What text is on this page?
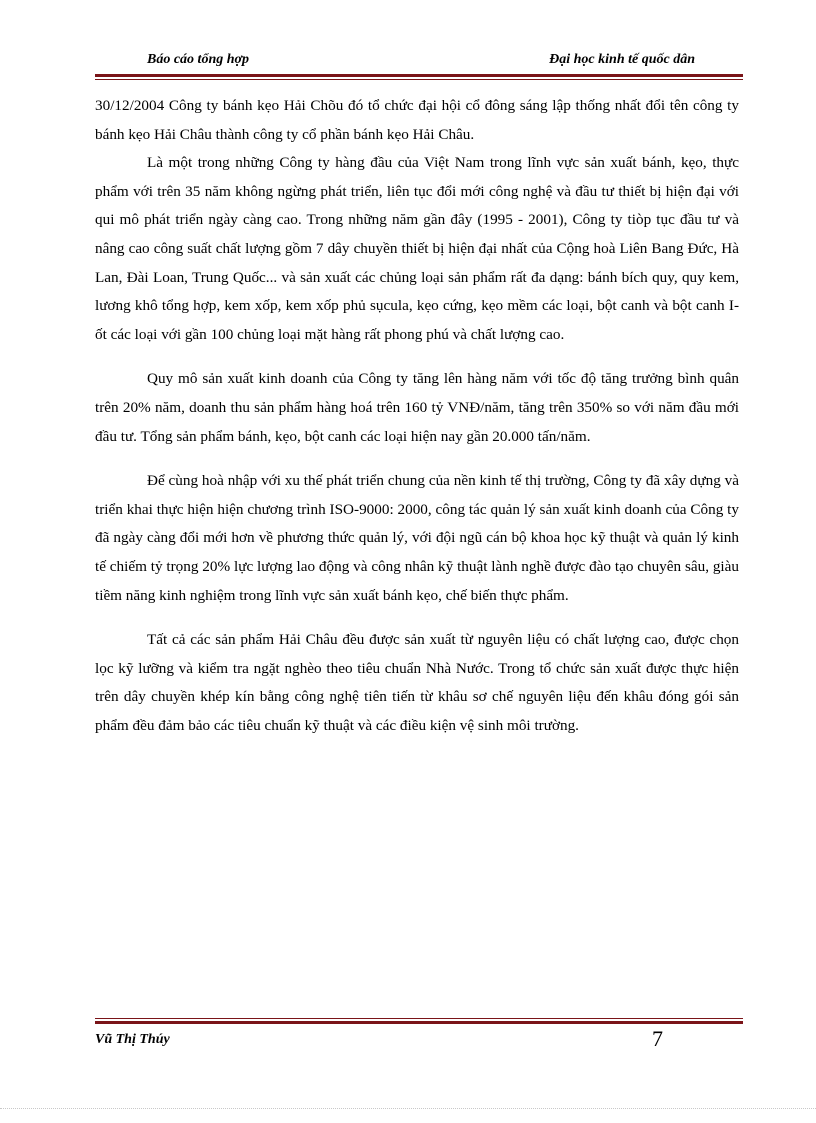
Báo cáo tổng hợp	Đại học kinh tế quốc dân

30/12/2004 Công ty bánh kẹo Hải Chõu đó tổ chức đại hội cổ đông sáng lập thống nhất đổi tên công ty bánh kẹo Hải Châu thành công ty cổ phần bánh kẹo Hải Châu.

Là một trong những Công ty hàng đầu của Việt Nam trong lĩnh vực sản xuất bánh, kẹo, thực phẩm với trên 35 năm không ngừng phát triển, liên tục đổi mới công nghệ và đầu tư thiết bị hiện đại với qui mô phát triển ngày càng cao. Trong những năm gần đây (1995 - 2001), Công ty tiòp tục đầu tư và nâng cao công suất chất lượng gồm 7 dây chuyền thiết bị hiện đại nhất của Cộng hoà Liên Bang Đức, Hà Lan, Đài Loan, Trung Quốc... và sản xuất các chủng loại sản phẩm rất đa dạng: bánh bích quy, quy kem, lương khô tổng hợp, kem xốp, kem xốp phủ sụcula, kẹo cứng, kẹo mềm các loại, bột canh và bột canh I-ốt các loại với gần 100 chủng loại mặt hàng rất phong phú và chất lượng cao.

Quy mô sản xuất kinh doanh của Công ty tăng lên hàng năm với tốc độ tăng trưởng bình quân trên 20% năm, doanh thu sản phẩm hàng hoá trên 160 tỷ VNĐ/năm, tăng trên 350% so với năm đầu mới đầu tư. Tổng sản phẩm bánh, kẹo, bột canh các loại hiện nay gần 20.000 tấn/năm.

Để cùng hoà nhập với xu thế phát triển chung của nền kinh tế thị trường, Công ty đã xây dựng và triển khai thực hiện hiện chương trình ISO-9000: 2000, công tác quản lý sản xuất kinh doanh của Công ty đã ngày càng đổi mới hơn về phương thức quản lý, với đội ngũ cán bộ khoa học kỹ thuật và quản lý kinh tế chiếm tỷ trọng 20% lực lượng lao động và công nhân kỹ thuật lành nghề được đào tạo chuyên sâu, giàu tiềm năng kinh nghiệm trong lĩnh vực sản xuất bánh kẹo, chế biến thực phẩm.

Tất cả các sản phẩm Hải Châu đều được sản xuất từ nguyên liệu có chất lượng cao, được chọn lọc kỹ lưỡng và kiểm tra ngặt nghèo theo tiêu chuẩn Nhà Nước. Trong tổ chức sản xuất được thực hiện trên dây chuyền khép kín bằng công nghệ tiên tiến từ khâu sơ chế nguyên liệu đến khâu đóng gói sản phẩm đều đảm bảo các tiêu chuẩn kỹ thuật và các điều kiện vệ sinh môi trường.

Vũ Thị Thúy	7
